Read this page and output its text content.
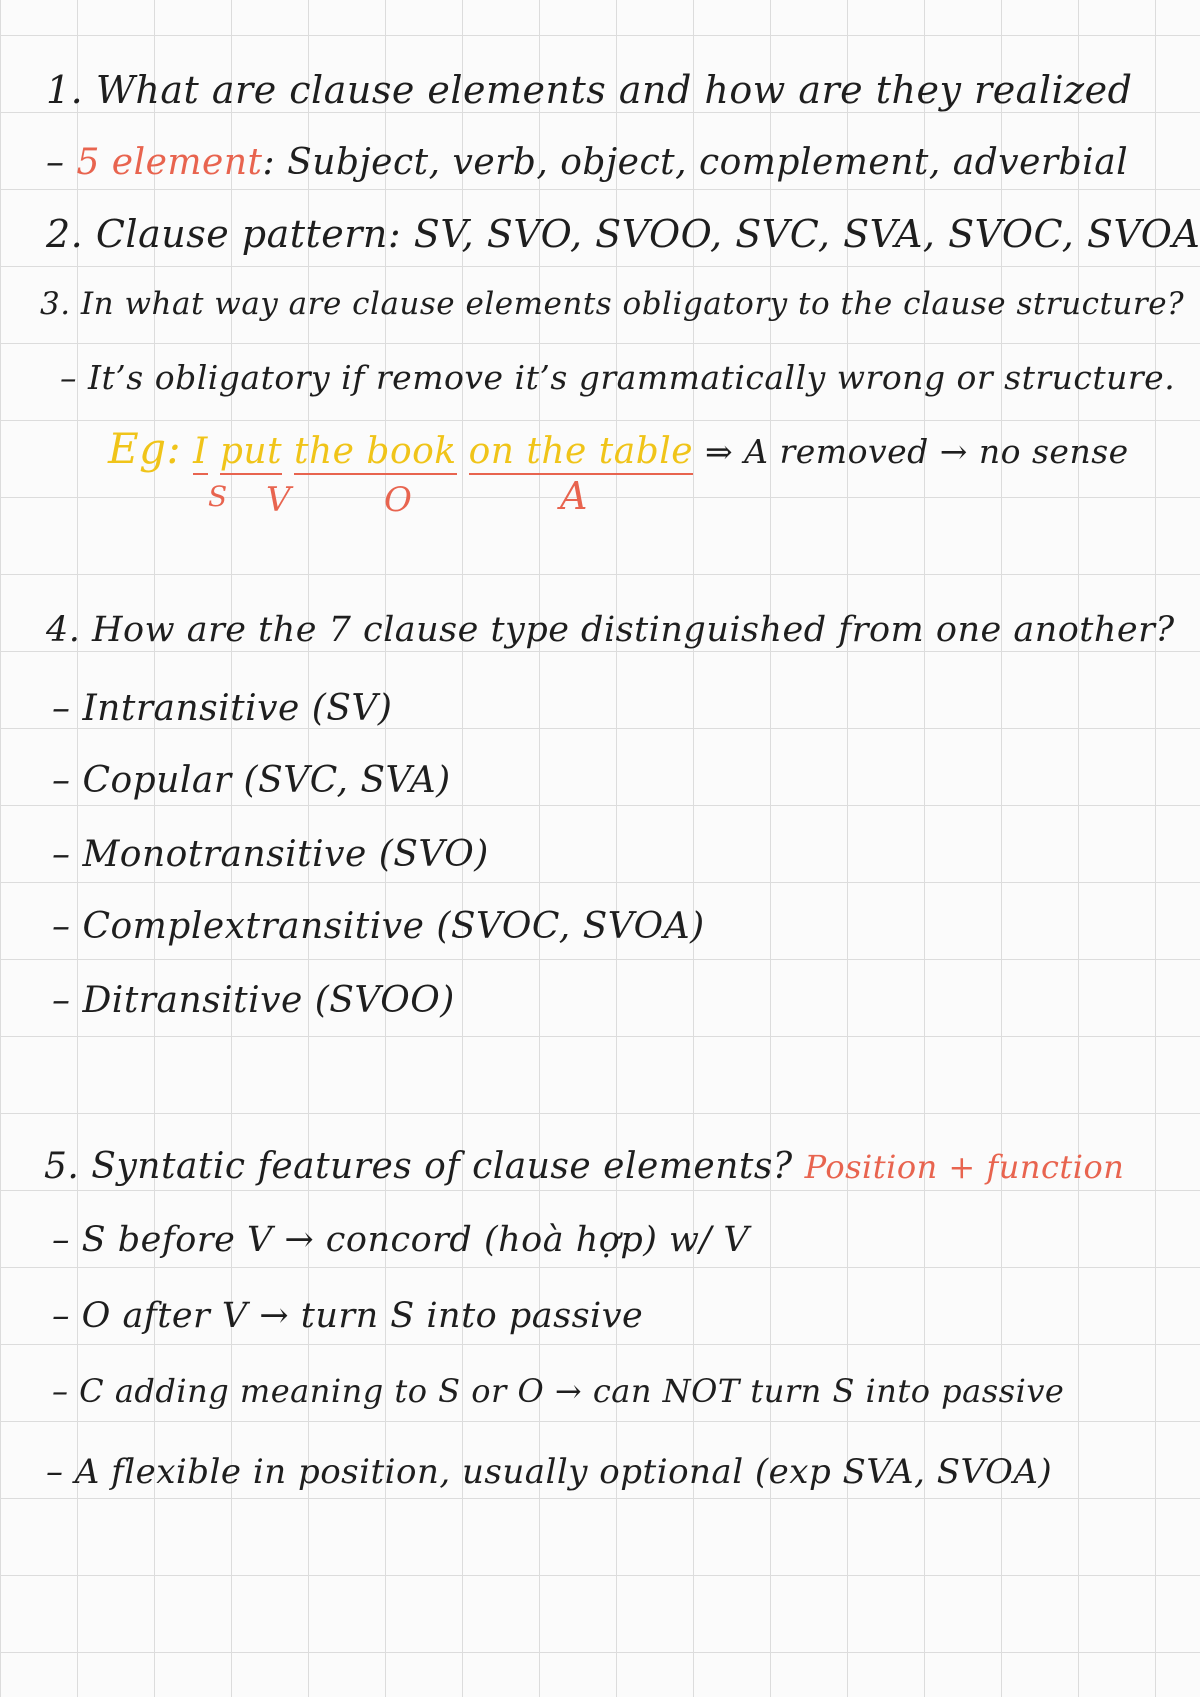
1. What are clause elements and how are they realized
– 5 element: Subject, verb, object, complement, adverbial
2. Clause pattern: SV, SVO, SVOO, SVC, SVA, SVOC, SVOA
3. In what way are clause elements obligatory to the clause structure?
– It’s obligatory if remove it’s grammatically wrong or structure.
Eg: I put the book on the table ⇒ A removed → no sense
S V	O	A
4. How are the 7 clause type distinguished from one another?
– Intransitive (SV)
– Copular (SVC, SVA)
– Monotransitive (SVO)
– Complextransitive (SVOC, SVOA)
– Ditransitive (SVOO)
5. Syntatic features of clause elements? Position + function
– S before V → concord (hoà hợp) w/ V
– O after V → turn S into passive
– C adding meaning to S or O → can NOT turn S into passive
– A flexible in position, usually optional (exp SVA, SVOA)
